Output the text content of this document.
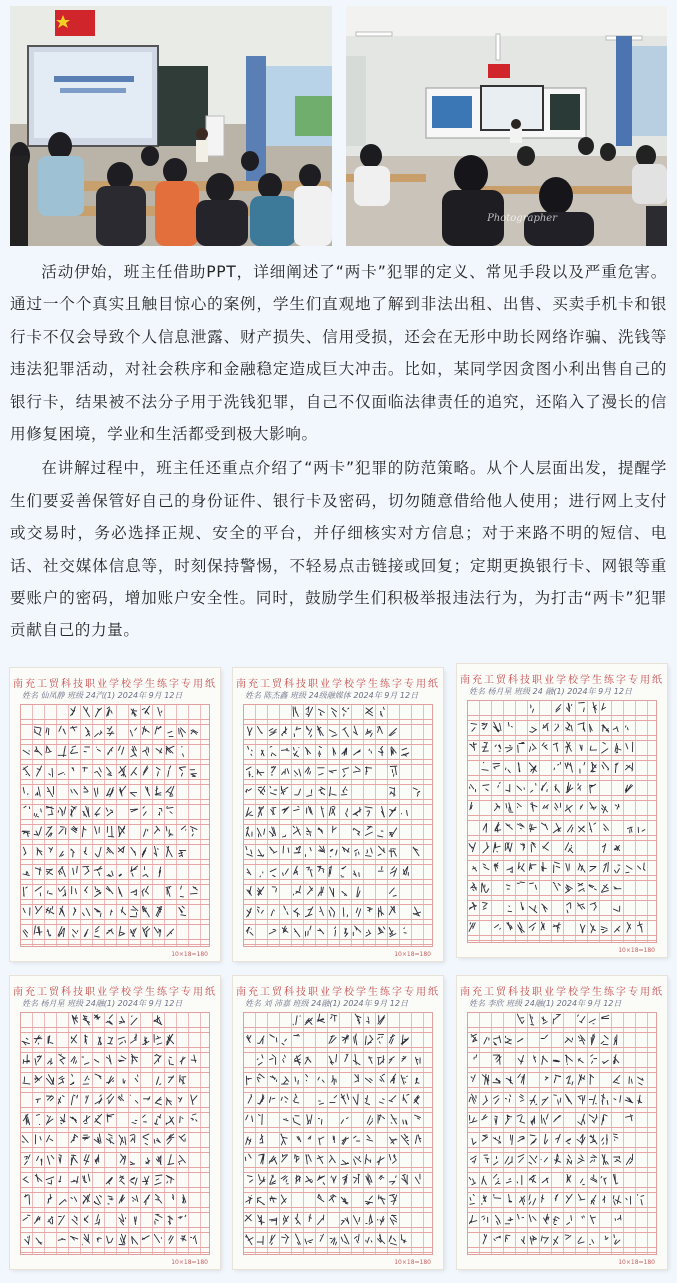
Photographer

活动伊始，班主任借助PPT，详细阐述了“两卡”犯罪的定义、常见手段以及严重危害。通过一个个真实且触目惊心的案例，学生们直观地了解到非法出租、出售、买卖手机卡和银行卡不仅会导致个人信息泄露、财产损失、信用受损，还会在无形中助长网络诈骗、洗钱等违法犯罪活动，对社会秩序和金融稳定造成巨大冲击。比如，某同学因贪图小利出售自己的银行卡，结果被不法分子用于洗钱犯罪，自己不仅面临法律责任的追究，还陷入了漫长的信用修复困境，学业和生活都受到极大影响。

在讲解过程中，班主任还重点介绍了“两卡”犯罪的防范策略。从个人层面出发，提醒学生们要妥善保管好自己的身份证件、银行卡及密码，切勿随意借给他人使用；进行网上支付或交易时，务必选择正规、安全的平台，并仔细核实对方信息；对于来路不明的短信、电话、社交媒体信息等，时刻保持警惕，不轻易点击链接或回复；定期更换银行卡、网银等重要账户的密码，增加账户安全性。同时，鼓励学生们积极举报违法行为，为打击“两卡”犯罪贡献自己的力量。

南充工贸科技职业学校学生练字专用纸
姓名 仙凤静 班级 24汽(1) 2024年 9月 12日
10×18=180
南充工贸科技职业学校学生练字专用纸
姓名 陈杰鑫 班级 24级融媒体 2024年 9月 12日
10×18=180
南充工贸科技职业学校学生练字专用纸
姓名 杨月星 班级 24 融(1) 2024年 9月 12日
10×18=180
南充工贸科技职业学校学生练字专用纸
姓名 杨月星 班级 24融(1) 2024年 9月 12日
10×18=180
南充工贸科技职业学校学生练字专用纸
姓名 刘 沛嘉 班级 24融(1) 2024年 9月 12日
10×18=180
南充工贸科技职业学校学生练字专用纸
姓名 李欣 班级 24融(1) 2024年 9月 12日
10×18=180
